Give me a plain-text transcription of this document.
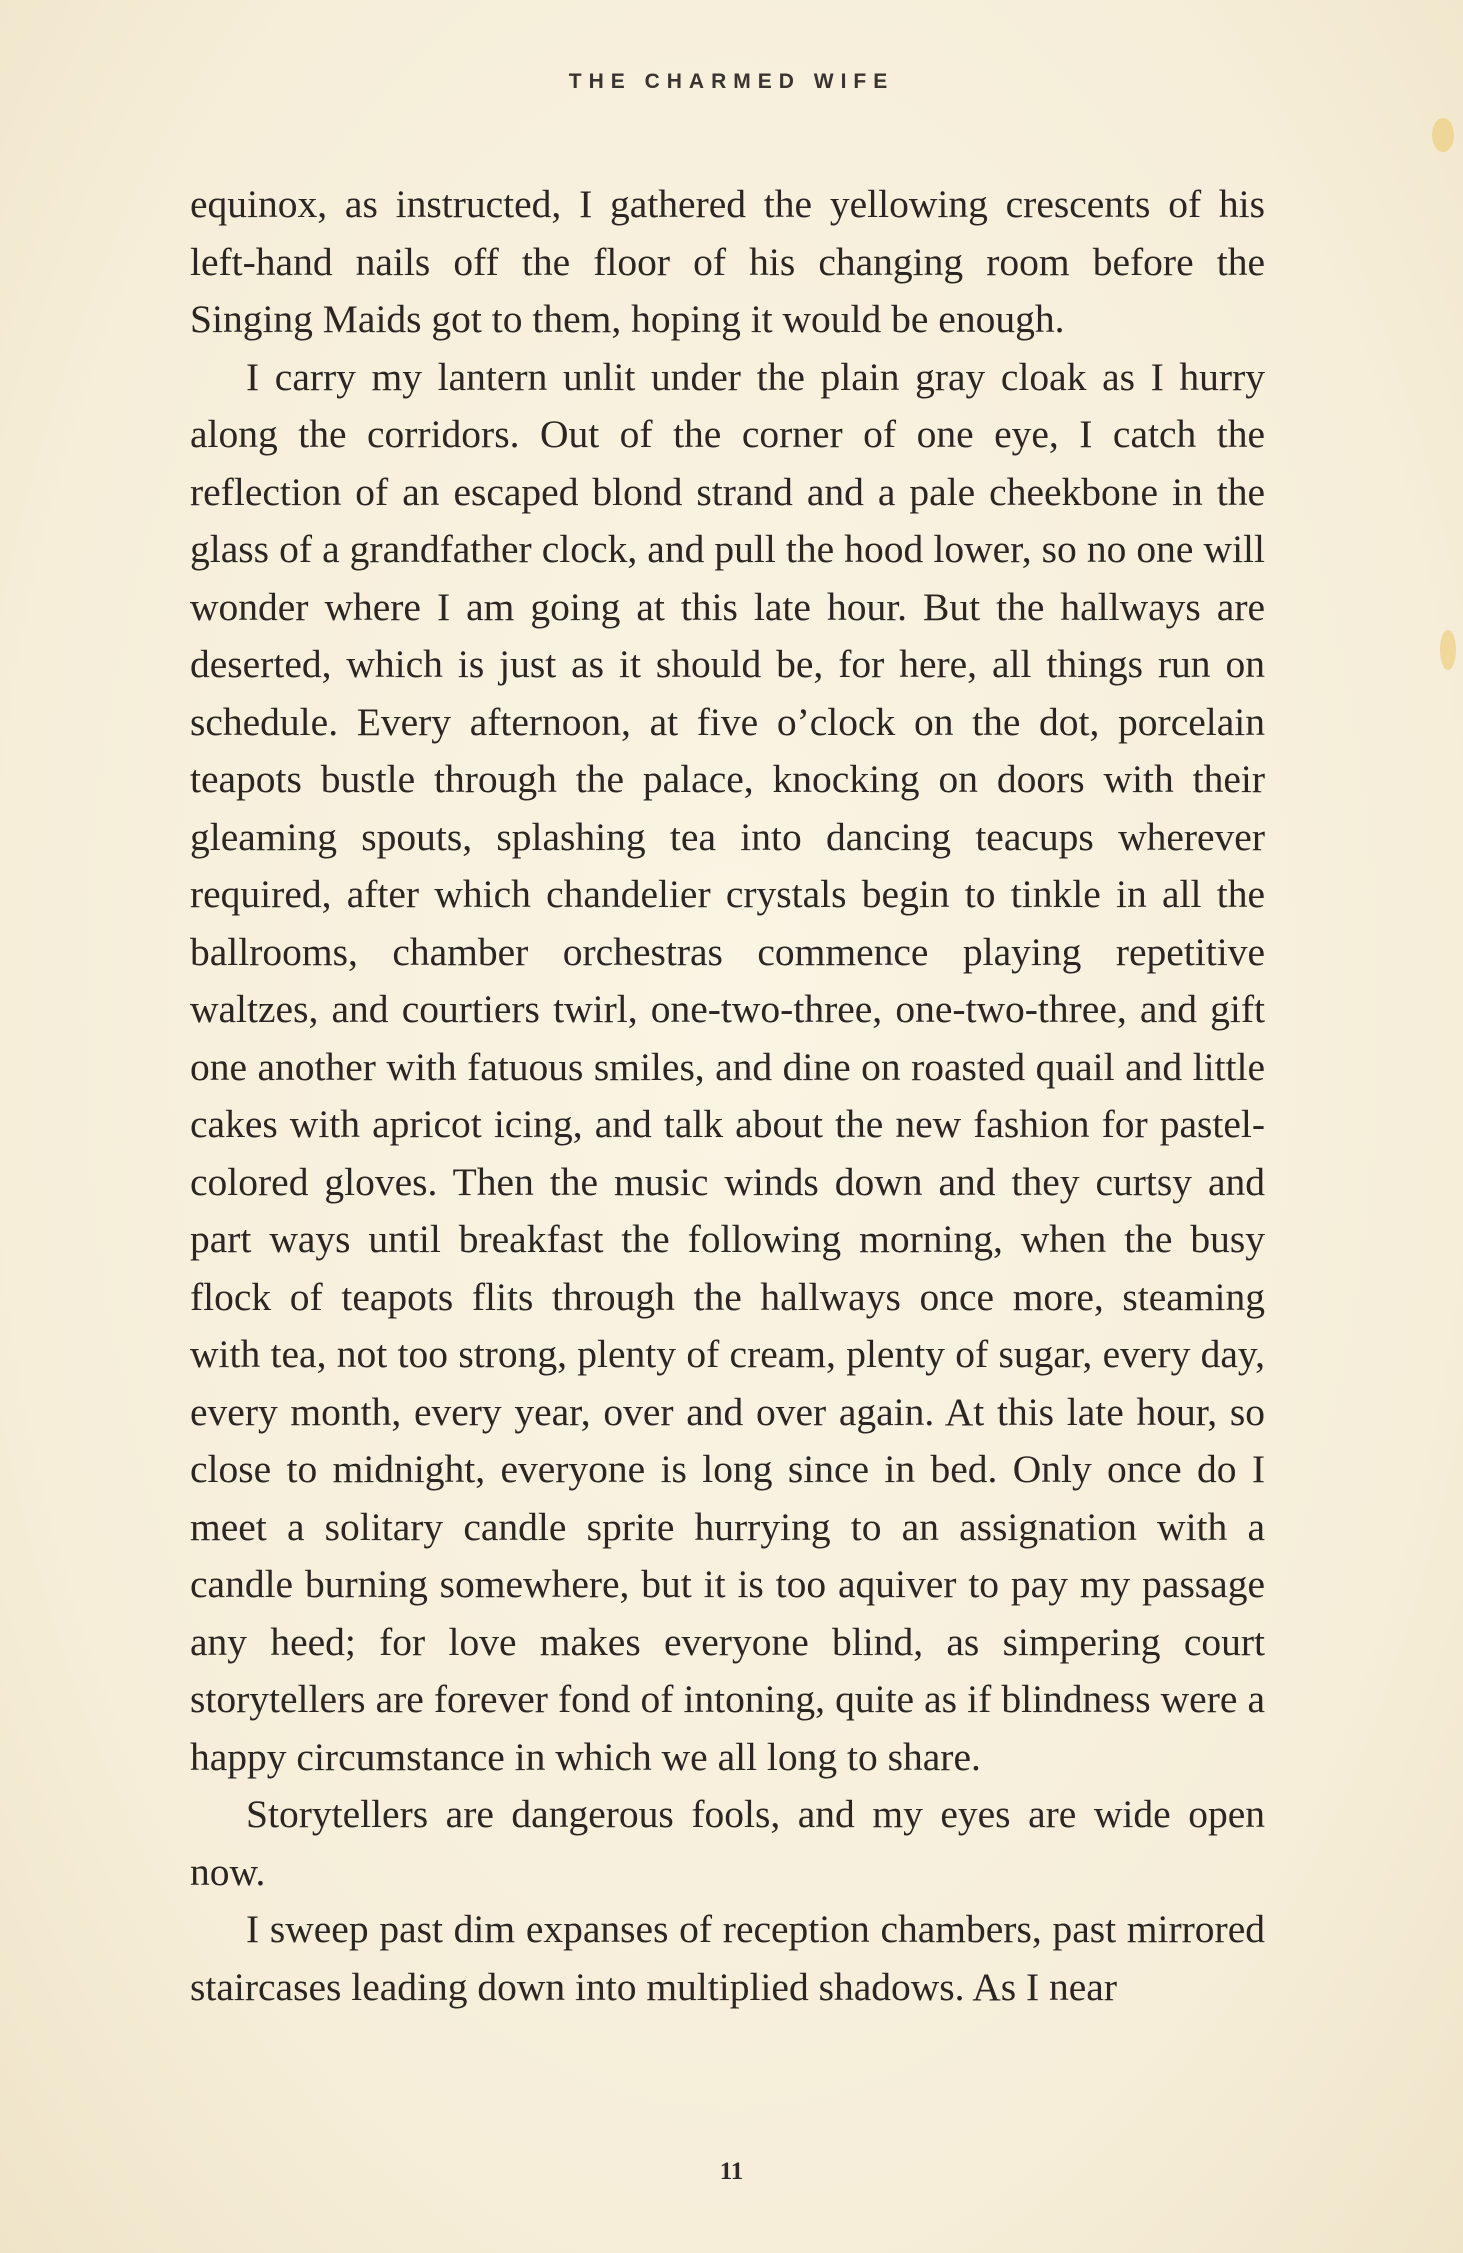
THE CHARMED WIFE

equinox, as instructed, I gathered the yellowing crescents of his left-hand nails off the floor of his changing room before the Singing Maids got to them, hoping it would be enough.

I carry my lantern unlit under the plain gray cloak as I hurry along the corridors. Out of the corner of one eye, I catch the reflection of an escaped blond strand and a pale cheekbone in the glass of a grandfather clock, and pull the hood lower, so no one will wonder where I am going at this late hour. But the hallways are deserted, which is just as it should be, for here, all things run on schedule. Every afternoon, at five o’clock on the dot, porcelain teapots bustle through the palace, knocking on doors with their gleaming spouts, splashing tea into dancing teacups wherever required, after which chandelier crystals begin to tinkle in all the ballrooms, chamber orchestras commence playing repetitive waltzes, and courtiers twirl, one-two-three, one-two-three, and gift one another with fatuous smiles, and dine on roasted quail and little cakes with apricot icing, and talk about the new fashion for pastel-colored gloves. Then the music winds down and they curtsy and part ways until breakfast the following morning, when the busy flock of teapots flits through the hallways once more, steaming with tea, not too strong, plenty of cream, plenty of sugar, every day, every month, every year, over and over again. At this late hour, so close to midnight, everyone is long since in bed. Only once do I meet a solitary candle sprite hurrying to an assignation with a candle burning somewhere, but it is too aquiver to pay my passage any heed; for love makes everyone blind, as simpering court storytellers are forever fond of intoning, quite as if blindness were a happy circumstance in which we all long to share.

Storytellers are dangerous fools, and my eyes are wide open now.

I sweep past dim expanses of reception chambers, past mirrored staircases leading down into multiplied shadows. As I near

11
